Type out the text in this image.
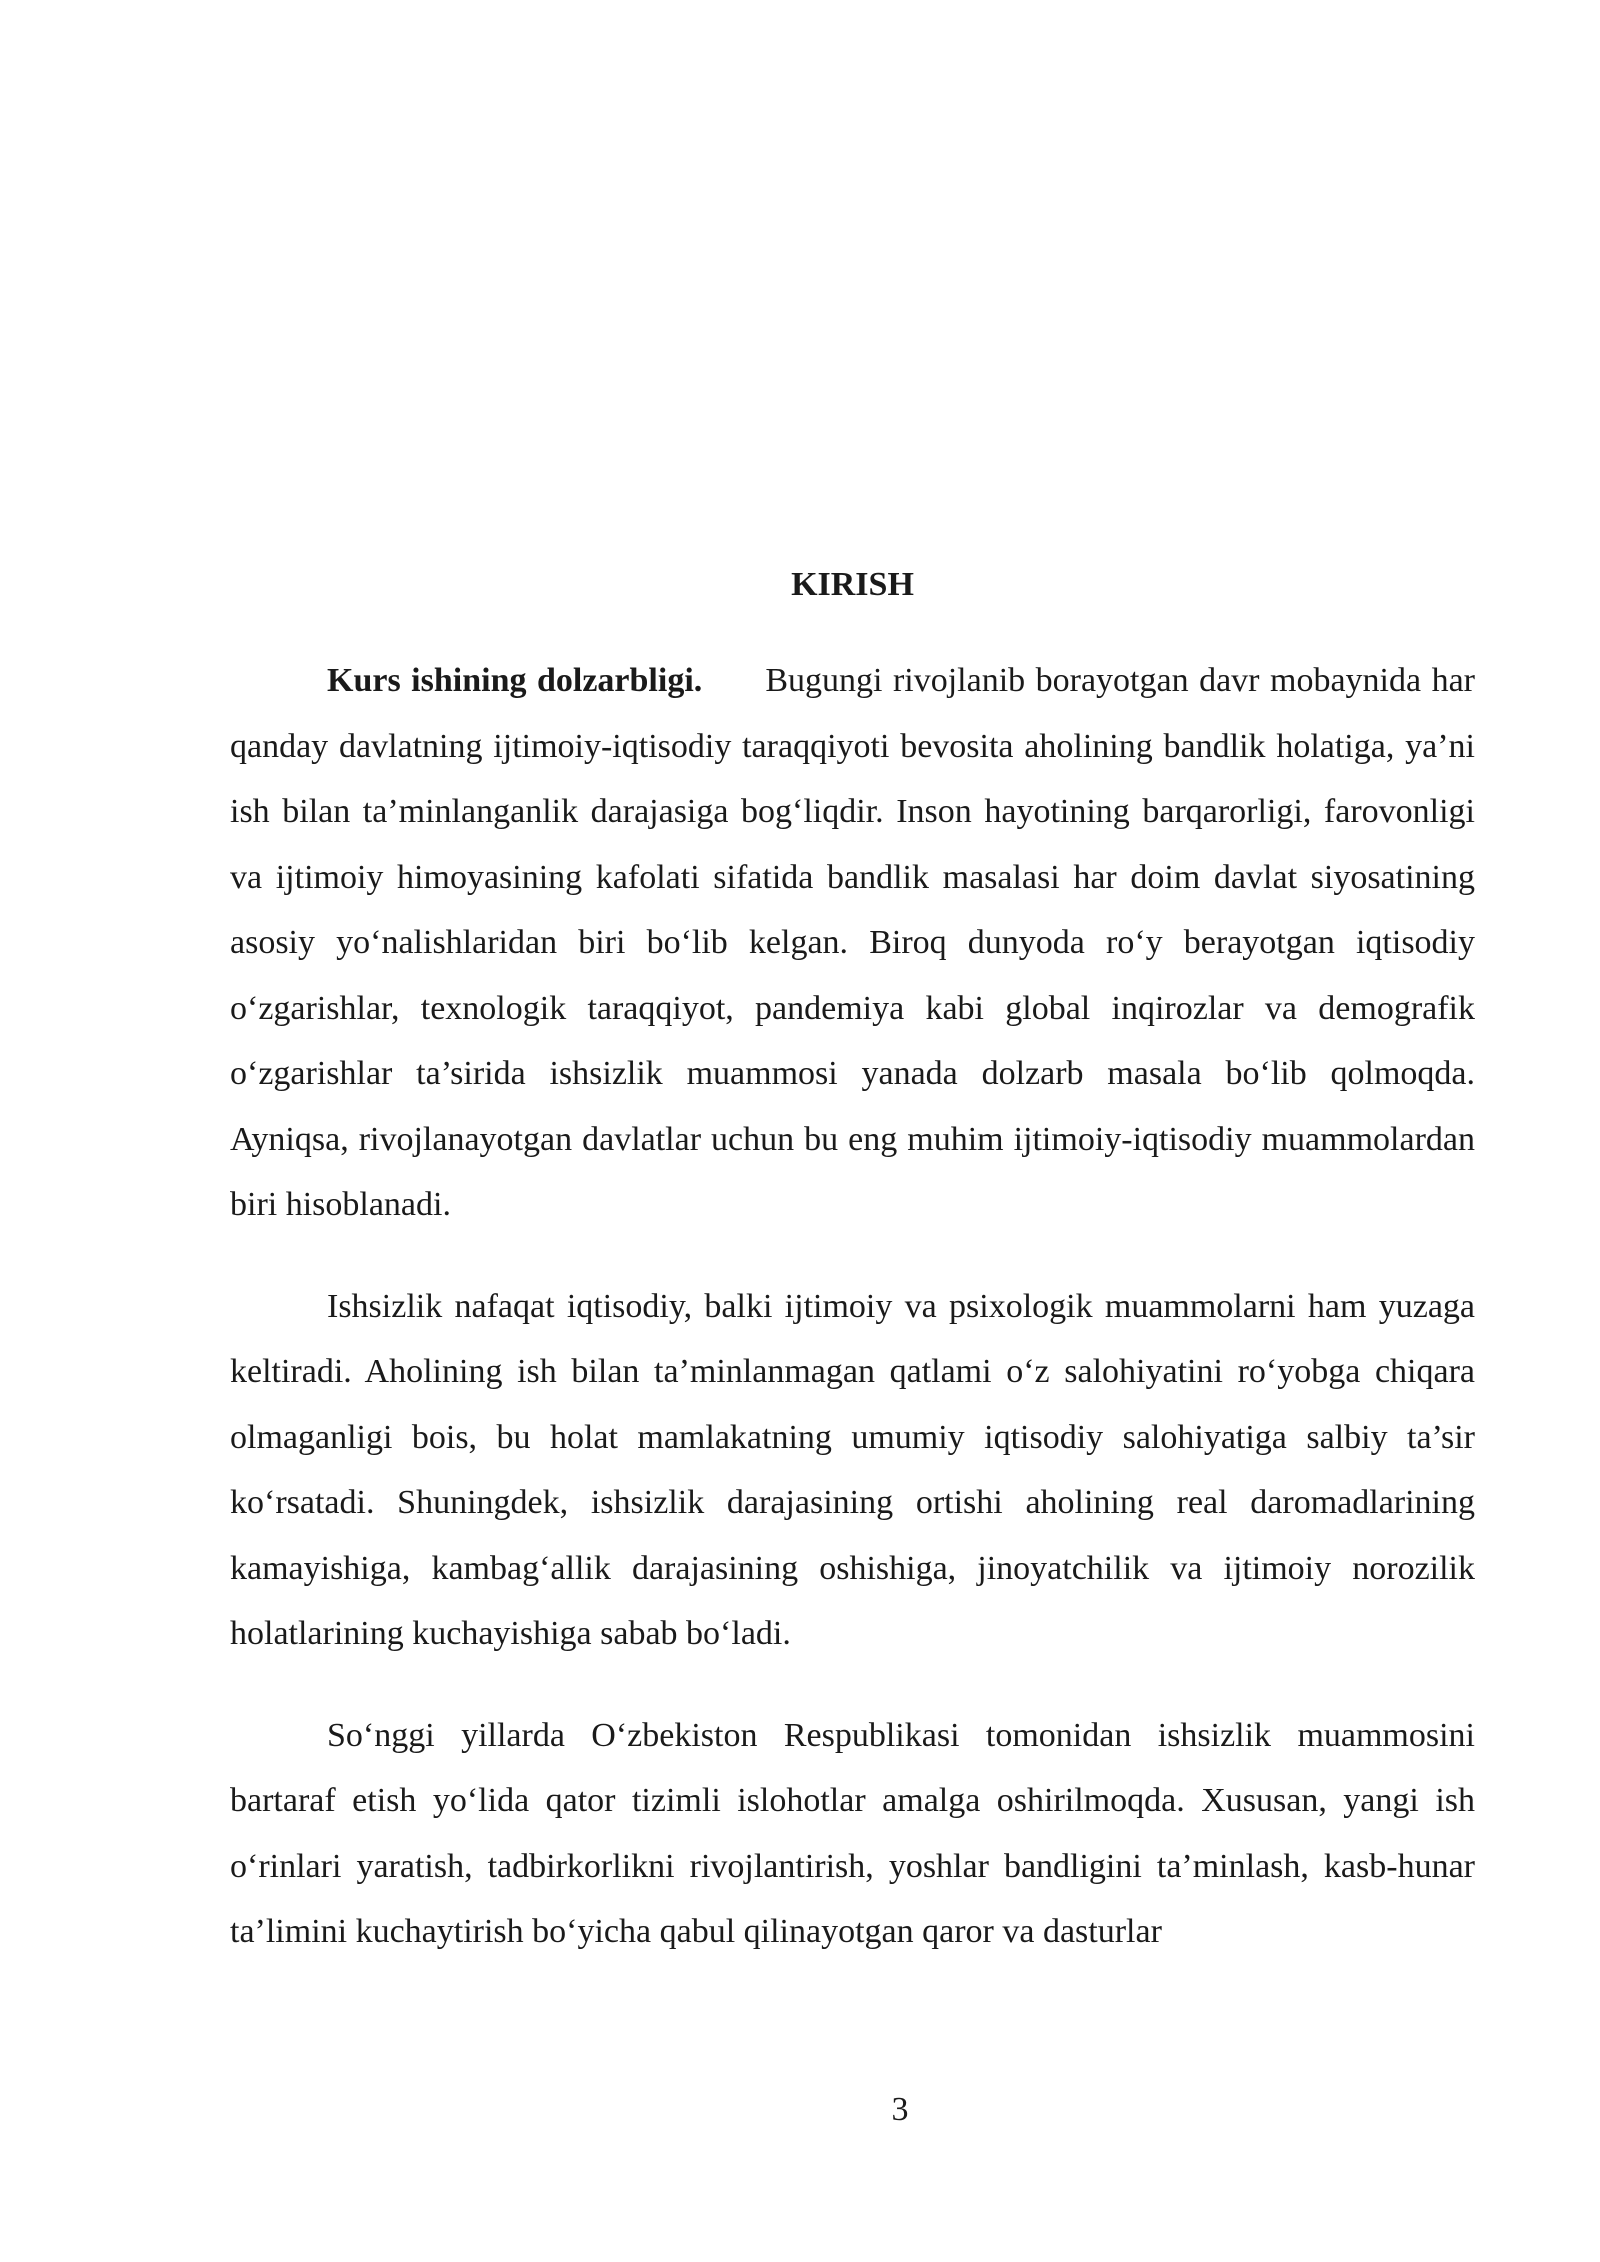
KIRISH

Kurs ishining dolzarbligi. Bugungi rivojlanib borayotgan davr mobaynida har qanday davlatning ijtimoiy-iqtisodiy taraqqiyoti bevosita aholining bandlik holatiga, ya’ni ish bilan ta’minlanganlik darajasiga bog‘liqdir. Inson hayotining barqarorligi, farovonligi va ijtimoiy himoyasining kafolati sifatida bandlik masalasi har doim davlat siyosatining asosiy yo‘nalishlaridan biri bo‘lib kelgan. Biroq dunyoda ro‘y berayotgan iqtisodiy o‘zgarishlar, texnologik taraqqiyot, pandemiya kabi global inqirozlar va demografik o‘zgarishlar ta’sirida ishsizlik muammosi yanada dolzarb masala bo‘lib qolmoqda. Ayniqsa, rivojlanayotgan davlatlar uchun bu eng muhim ijtimoiy-iqtisodiy muammolardan biri hisoblanadi.

Ishsizlik nafaqat iqtisodiy, balki ijtimoiy va psixologik muammolarni ham yuzaga keltiradi. Aholining ish bilan ta’minlanmagan qatlami o‘z salohiyatini ro‘yobga chiqara olmaganligi bois, bu holat mamlakatning umumiy iqtisodiy salohiyatiga salbiy ta’sir ko‘rsatadi. Shuningdek, ishsizlik darajasining ortishi aholining real daromadlarining kamayishiga, kambag‘allik darajasining oshishiga, jinoyatchilik va ijtimoiy norozilik holatlarining kuchayishiga sabab bo‘ladi.

So‘nggi yillarda O‘zbekiston Respublikasi tomonidan ishsizlik muammosini bartaraf etish yo‘lida qator tizimli islohotlar amalga oshirilmoqda. Xususan, yangi ish o‘rinlari yaratish, tadbirkorlikni rivojlantirish, yoshlar bandligini ta’minlash, kasb-hunar ta’limini kuchaytirish bo‘yicha qabul qilinayotgan qaror va dasturlar

3
